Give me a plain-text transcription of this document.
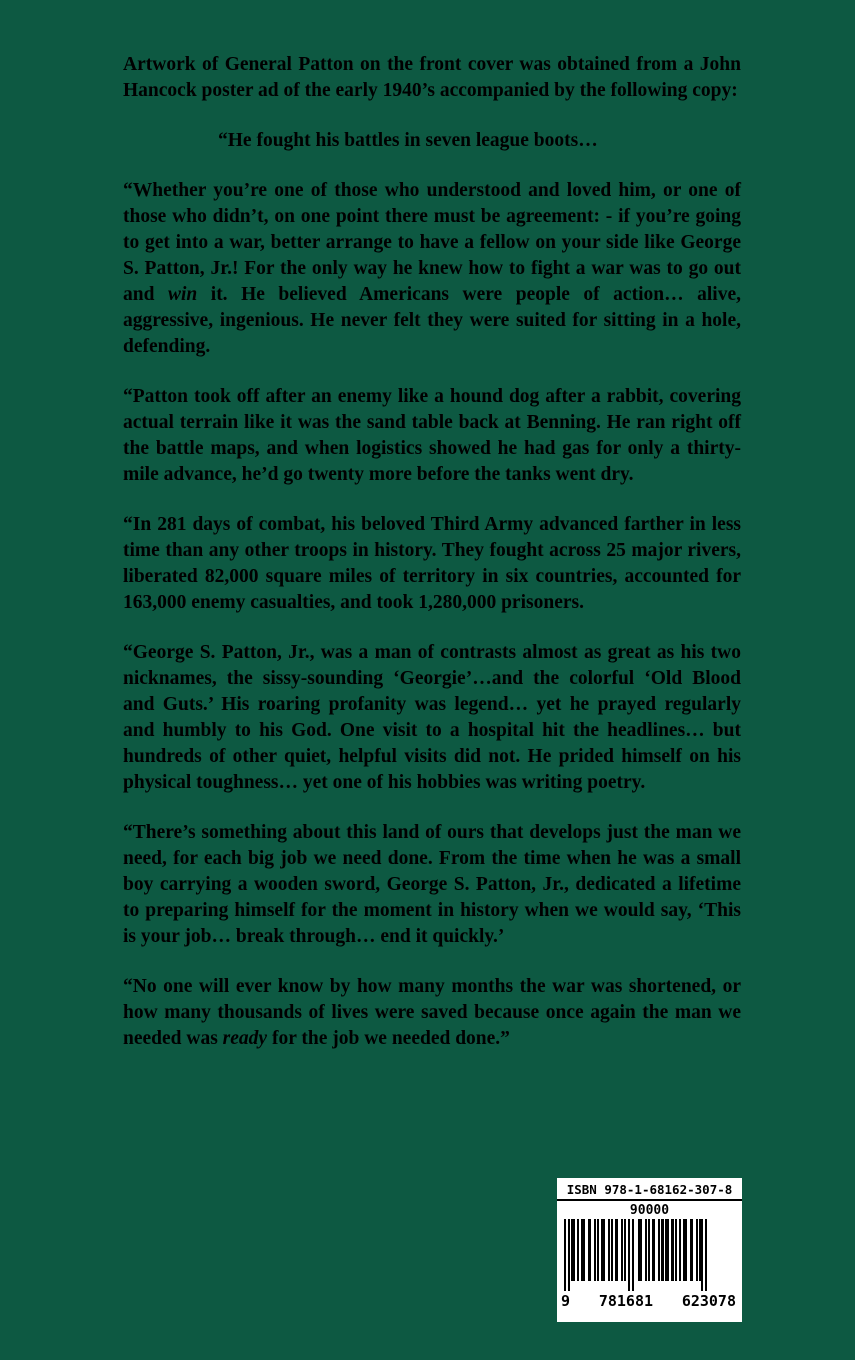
Artwork of General Patton on the front cover was obtained from a John Hancock poster ad of the early 1940’s accompanied by the following copy:

“He fought his battles in seven league boots…

“Whether you’re one of those who understood and loved him, or one of those who didn’t, on one point there must be agreement: - if you’re going to get into a war, better arrange to have a fellow on your side like George S. Patton, Jr.! For the only way he knew how to fight a war was to go out and win it. He believed Americans were people of action… alive, aggressive, ingenious. He never felt they were suited for sitting in a hole, defending.

“Patton took off after an enemy like a hound dog after a rabbit, covering actual terrain like it was the sand table back at Benning. He ran right off the battle maps, and when logistics showed he had gas for only a thirty-mile advance, he’d go twenty more before the tanks went dry.

“In 281 days of combat, his beloved Third Army advanced farther in less time than any other troops in history. They fought across 25 major rivers, liberated 82,000 square miles of territory in six countries, accounted for 163,000 enemy casualties, and took 1,280,000 prisoners.

“George S. Patton, Jr., was a man of contrasts almost as great as his two nicknames, the sissy-sounding ‘Georgie’…and the colorful ‘Old Blood and Guts.’ His roaring profanity was legend… yet he prayed regularly and humbly to his God. One visit to a hospital hit the headlines… but hundreds of other quiet, helpful visits did not. He prided himself on his physical toughness… yet one of his hobbies was writing poetry.

“There’s something about this land of ours that develops just the man we need, for each big job we need done. From the time when he was a small boy carrying a wooden sword, George S. Patton, Jr., dedicated a lifetime to preparing himself for the moment in history when we would say, ‘This is your job… break through… end it quickly.’

“No one will ever know by how many months the war was shortened, or how many thousands of lives were saved because once again the man we needed was ready for the job we needed done.”

ISBN 978-1-68162-307-8
90000
9 781681 623078
